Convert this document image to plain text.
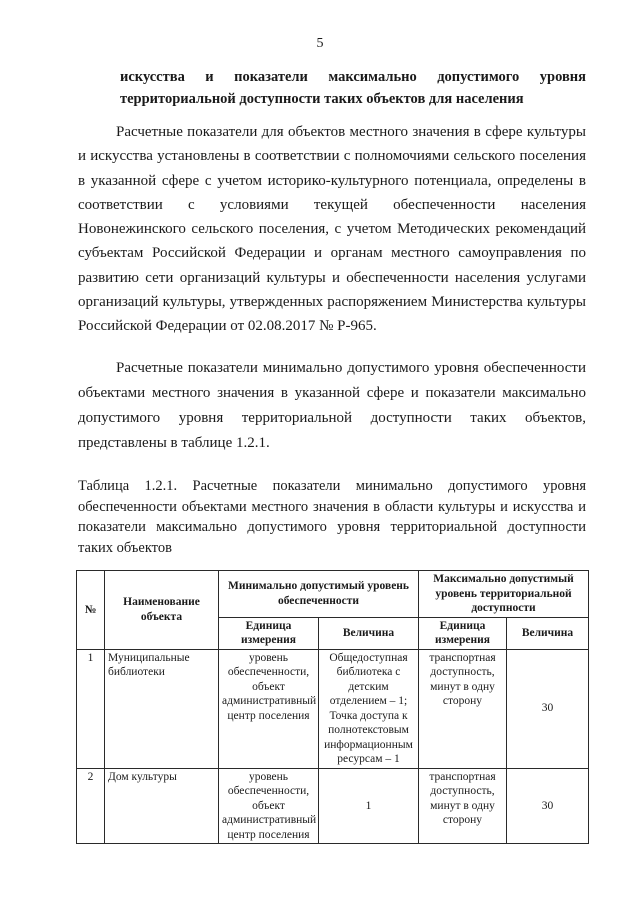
5
искусства и показатели максимально допустимого уровня
территориальной доступности таких объектов для населения

Расчетные показатели для объектов местного значения в сфере культуры и искусства установлены в соответствии с полномочиями сельского поселения в указанной сфере с учетом историко-культурного потенциала, определены в соответствии с условиями текущей обеспеченности населения Новонежинского сельского поселения, с учетом Методических рекомендаций субъектам Российской Федерации и органам местного самоуправления по развитию сети организаций культуры и обеспеченности населения услугами организаций культуры, утвержденных распоряжением Министерства культуры Российской Федерации от 02.08.2017 № Р-965.

Расчетные показатели минимально допустимого уровня обеспеченности объектами местного значения в указанной сфере и показатели максимально допустимого уровня территориальной доступности таких объектов, представлены в таблице 1.2.1.

Таблица 1.2.1. Расчетные показатели минимально допустимого уровня обеспеченности объектами местного значения в области культуры и искусства и показатели максимально допустимого уровня территориальной доступности таких объектов

№	Наименование объекта	Минимально допустимый уровень обеспеченности		Максимально допустимый уровень территориальной доступности	
		Единица измерения	Величина	Единица измерения	Величина
1	Муниципальные библиотеки	уровень обеспеченности, объект административный центр поселения	Общедоступная библиотека с детским отделением – 1; Точка доступа к полнотекстовым информационным ресурсам – 1	транспортная доступность, минут в одну сторону	30
2	Дом культуры	уровень обеспеченности, объект административный центр поселения	1	транспортная доступность, минут в одну сторону	30
